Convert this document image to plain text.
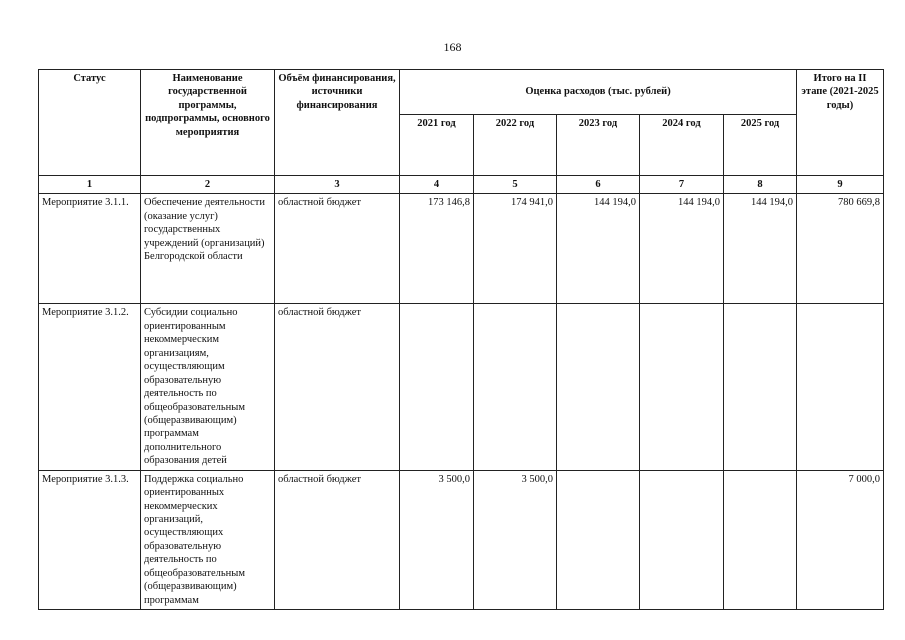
168
Статус	Наименование государственной программы, подпрограммы, основного мероприятия	Объём финансирования, источники финансирования	Оценка расходов (тыс. рублей)					Итого на II этапе (2021-2025 годы)
			2021 год	2022 год	2023 год	2024 год	2025 год	
1	2	3	4	5	6	7	8	9
Мероприятие 3.1.1.	Обеспечение деятельности (оказание услуг) государственных учреждений (организаций) Белгородской области	областной бюджет	173 146,8	174 941,0	144 194,0	144 194,0	144 194,0	780 669,8
Мероприятие 3.1.2.	Субсидии социально ориентированным некоммерческим организациям, осуществляющим образовательную деятельность по общеобразовательным (общеразвивающим) программам дополнительного образования детей	областной бюджет						
Мероприятие 3.1.3.	Поддержка социально ориентированных некоммерческих организаций, осуществляющих образовательную деятельность по общеобразовательным (общеразвивающим) программам	областной бюджет	3 500,0	3 500,0				7 000,0
